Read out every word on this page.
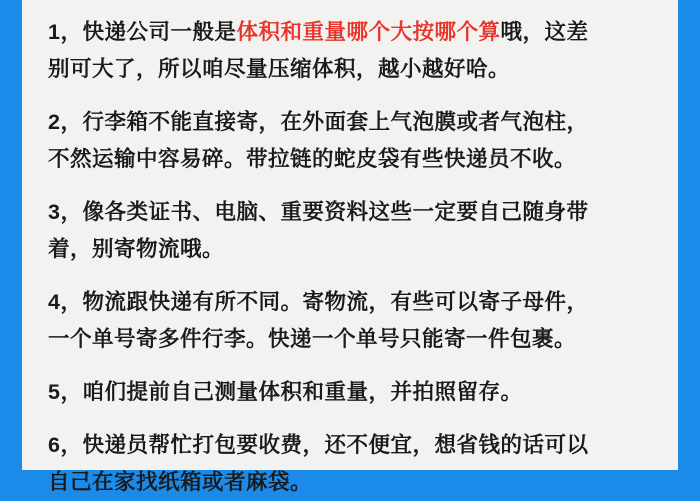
1，快递公司一般是体积和重量哪个大按哪个算哦，这差
别可大了，所以咱尽量压缩体积，越小越好哈。

2，行李箱不能直接寄，在外面套上气泡膜或者气泡柱，
不然运输中容易碎。带拉链的蛇皮袋有些快递员不收。

3，像各类证书、电脑、重要资料这些一定要自己随身带
着，别寄物流哦。

4，物流跟快递有所不同。寄物流，有些可以寄子母件，
一个单号寄多件行李。快递一个单号只能寄一件包裹。

5，咱们提前自己测量体积和重量，并拍照留存。

6，快递员帮忙打包要收费，还不便宜，想省钱的话可以
自己在家找纸箱或者麻袋。
